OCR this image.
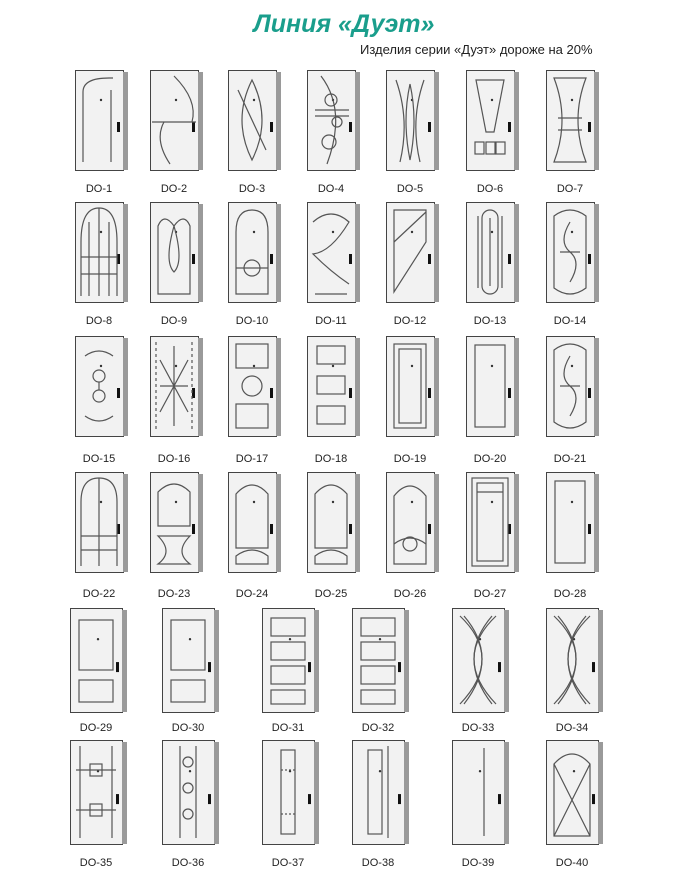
Линия «Дуэт»
Изделия серии «Дуэт» дороже на 20%
DO-1	DO-2	DO-3	DO-4	DO-5	DO-6	DO-7
DO-8	DO-9	DO-10	DO-11	DO-12	DO-13	DO-14
DO-15	DO-16	DO-17	DO-18	DO-19	DO-20	DO-21
DO-22	DO-23	DO-24	DO-25	DO-26	DO-27	DO-28
DO-29	DO-30	DO-31	DO-32	DO-33	DO-34
DO-35	DO-36	DO-37	DO-38	DO-39	DO-40
